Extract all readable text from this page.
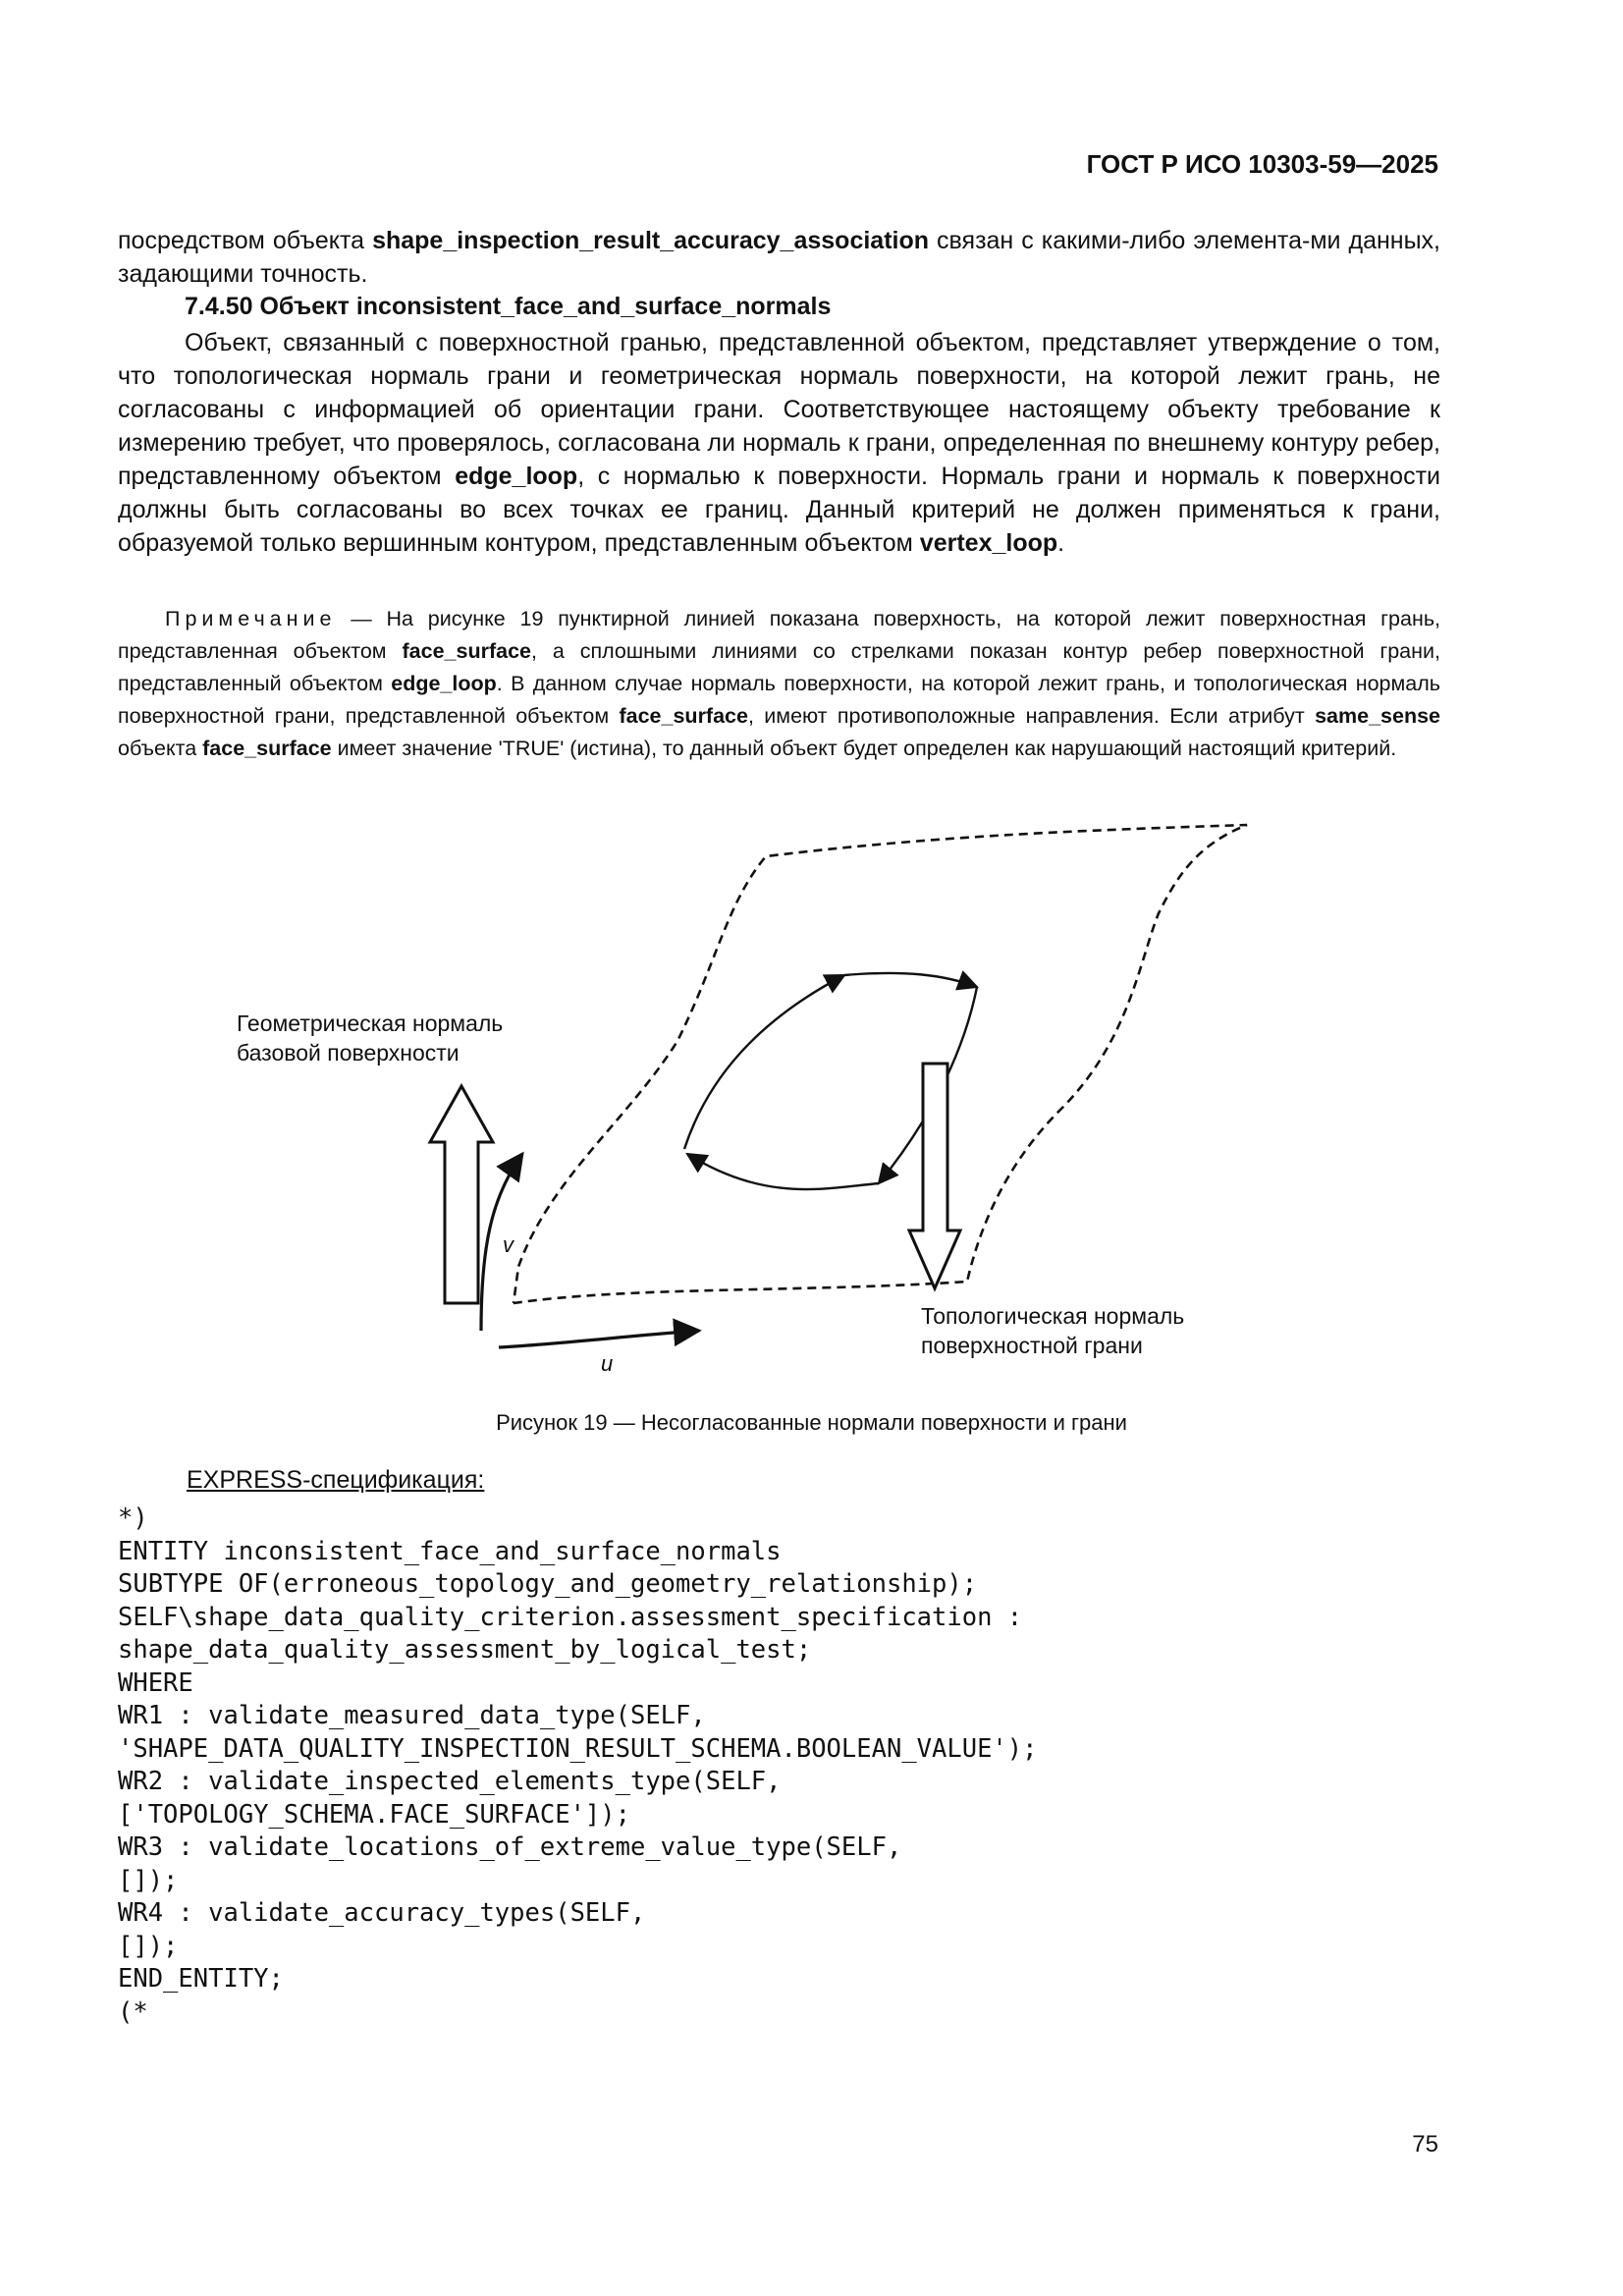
ГОСТ Р ИСО 10303-59—2025
посредством объекта shape_inspection_result_accuracy_association связан с какими-либо элемента-ми данных, задающими точность.
7.4.50 Объект inconsistent_face_and_surface_normals
Объект, связанный с поверхностной гранью, представленной объектом, представляет утверждение о том, что топологическая нормаль грани и геометрическая нормаль поверхности, на которой лежит грань, не согласованы с информацией об ориентации грани. Соответствующее настоящему объекту требование к измерению требует, что проверялось, согласована ли нормаль к грани, определенная по внешнему контуру ребер, представленному объектом edge_loop, с нормалью к поверхности. Нормаль грани и нормаль к поверхности должны быть согласованы во всех точках ее границ. Данный критерий не должен применяться к грани, образуемой только вершинным контуром, представленным объектом vertex_loop.
Примечание — На рисунке 19 пунктирной линией показана поверхность, на которой лежит поверхностная грань, представленная объектом face_surface, а сплошными линиями со стрелками показан контур ребер поверхностной грани, представленный объектом edge_loop. В данном случае нормаль поверхности, на которой лежит грань, и топологическая нормаль поверхностной грани, представленной объектом face_surface, имеют противоположные направления. Если атрибут same_sense объекта face_surface имеет значение 'TRUE' (истина), то данный объект будет определен как нарушающий настоящий критерий.
Геометрическая нормаль
базовой поверхности
Топологическая нормаль
поверхностной грани
v
u
Рисунок 19 — Несогласованные нормали поверхности и грани
EXPRESS-спецификация:
*)
ENTITY inconsistent_face_and_surface_normals
SUBTYPE OF(erroneous_topology_and_geometry_relationship);
SELF\shape_data_quality_criterion.assessment_specification :
shape_data_quality_assessment_by_logical_test;
WHERE
WR1 : validate_measured_data_type(SELF,
'SHAPE_DATA_QUALITY_INSPECTION_RESULT_SCHEMA.BOOLEAN_VALUE');
WR2 : validate_inspected_elements_type(SELF,
['TOPOLOGY_SCHEMA.FACE_SURFACE']);
WR3 : validate_locations_of_extreme_value_type(SELF,
[]);
WR4 : validate_accuracy_types(SELF,
[]);
END_ENTITY;
(*
75
